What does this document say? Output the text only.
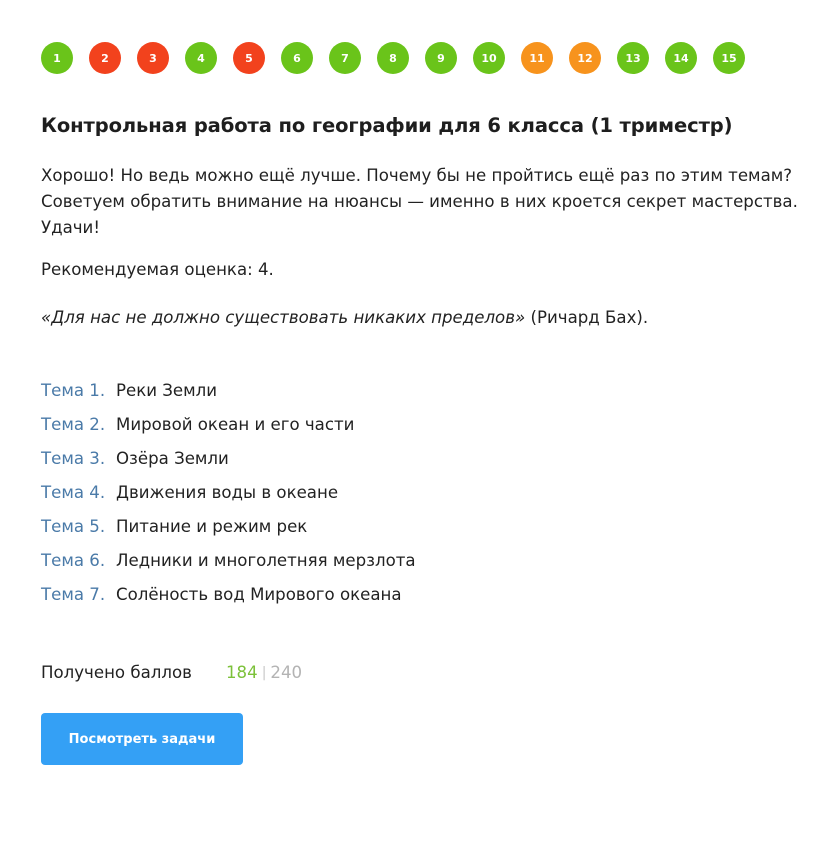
1	2	3	4	5	6	7	8	9	10	11	12	13	14	15
Контрольная работа по географии для 6 класса (1 триместр)

Хорошо! Но ведь можно ещё лучше. Почему бы не пройтись ещё раз по этим темам? Советуем обратить внимание на нюансы — именно в них кроется секрет мастерства. Удачи!

Рекомендуемая оценка: 4.

«Для нас не должно существовать никаких пределов» (Ричард Бах).

Тема 1. Реки Земли
Тема 2. Мировой океан и его части
Тема 3. Озёра Земли
Тема 4. Движения воды в океане
Тема 5. Питание и режим рек
Тема 6. Ледники и многолетняя мерзлота
Тема 7. Солёность вод Мирового океана
Получено баллов	184 | 240
Посмотреть задачи
